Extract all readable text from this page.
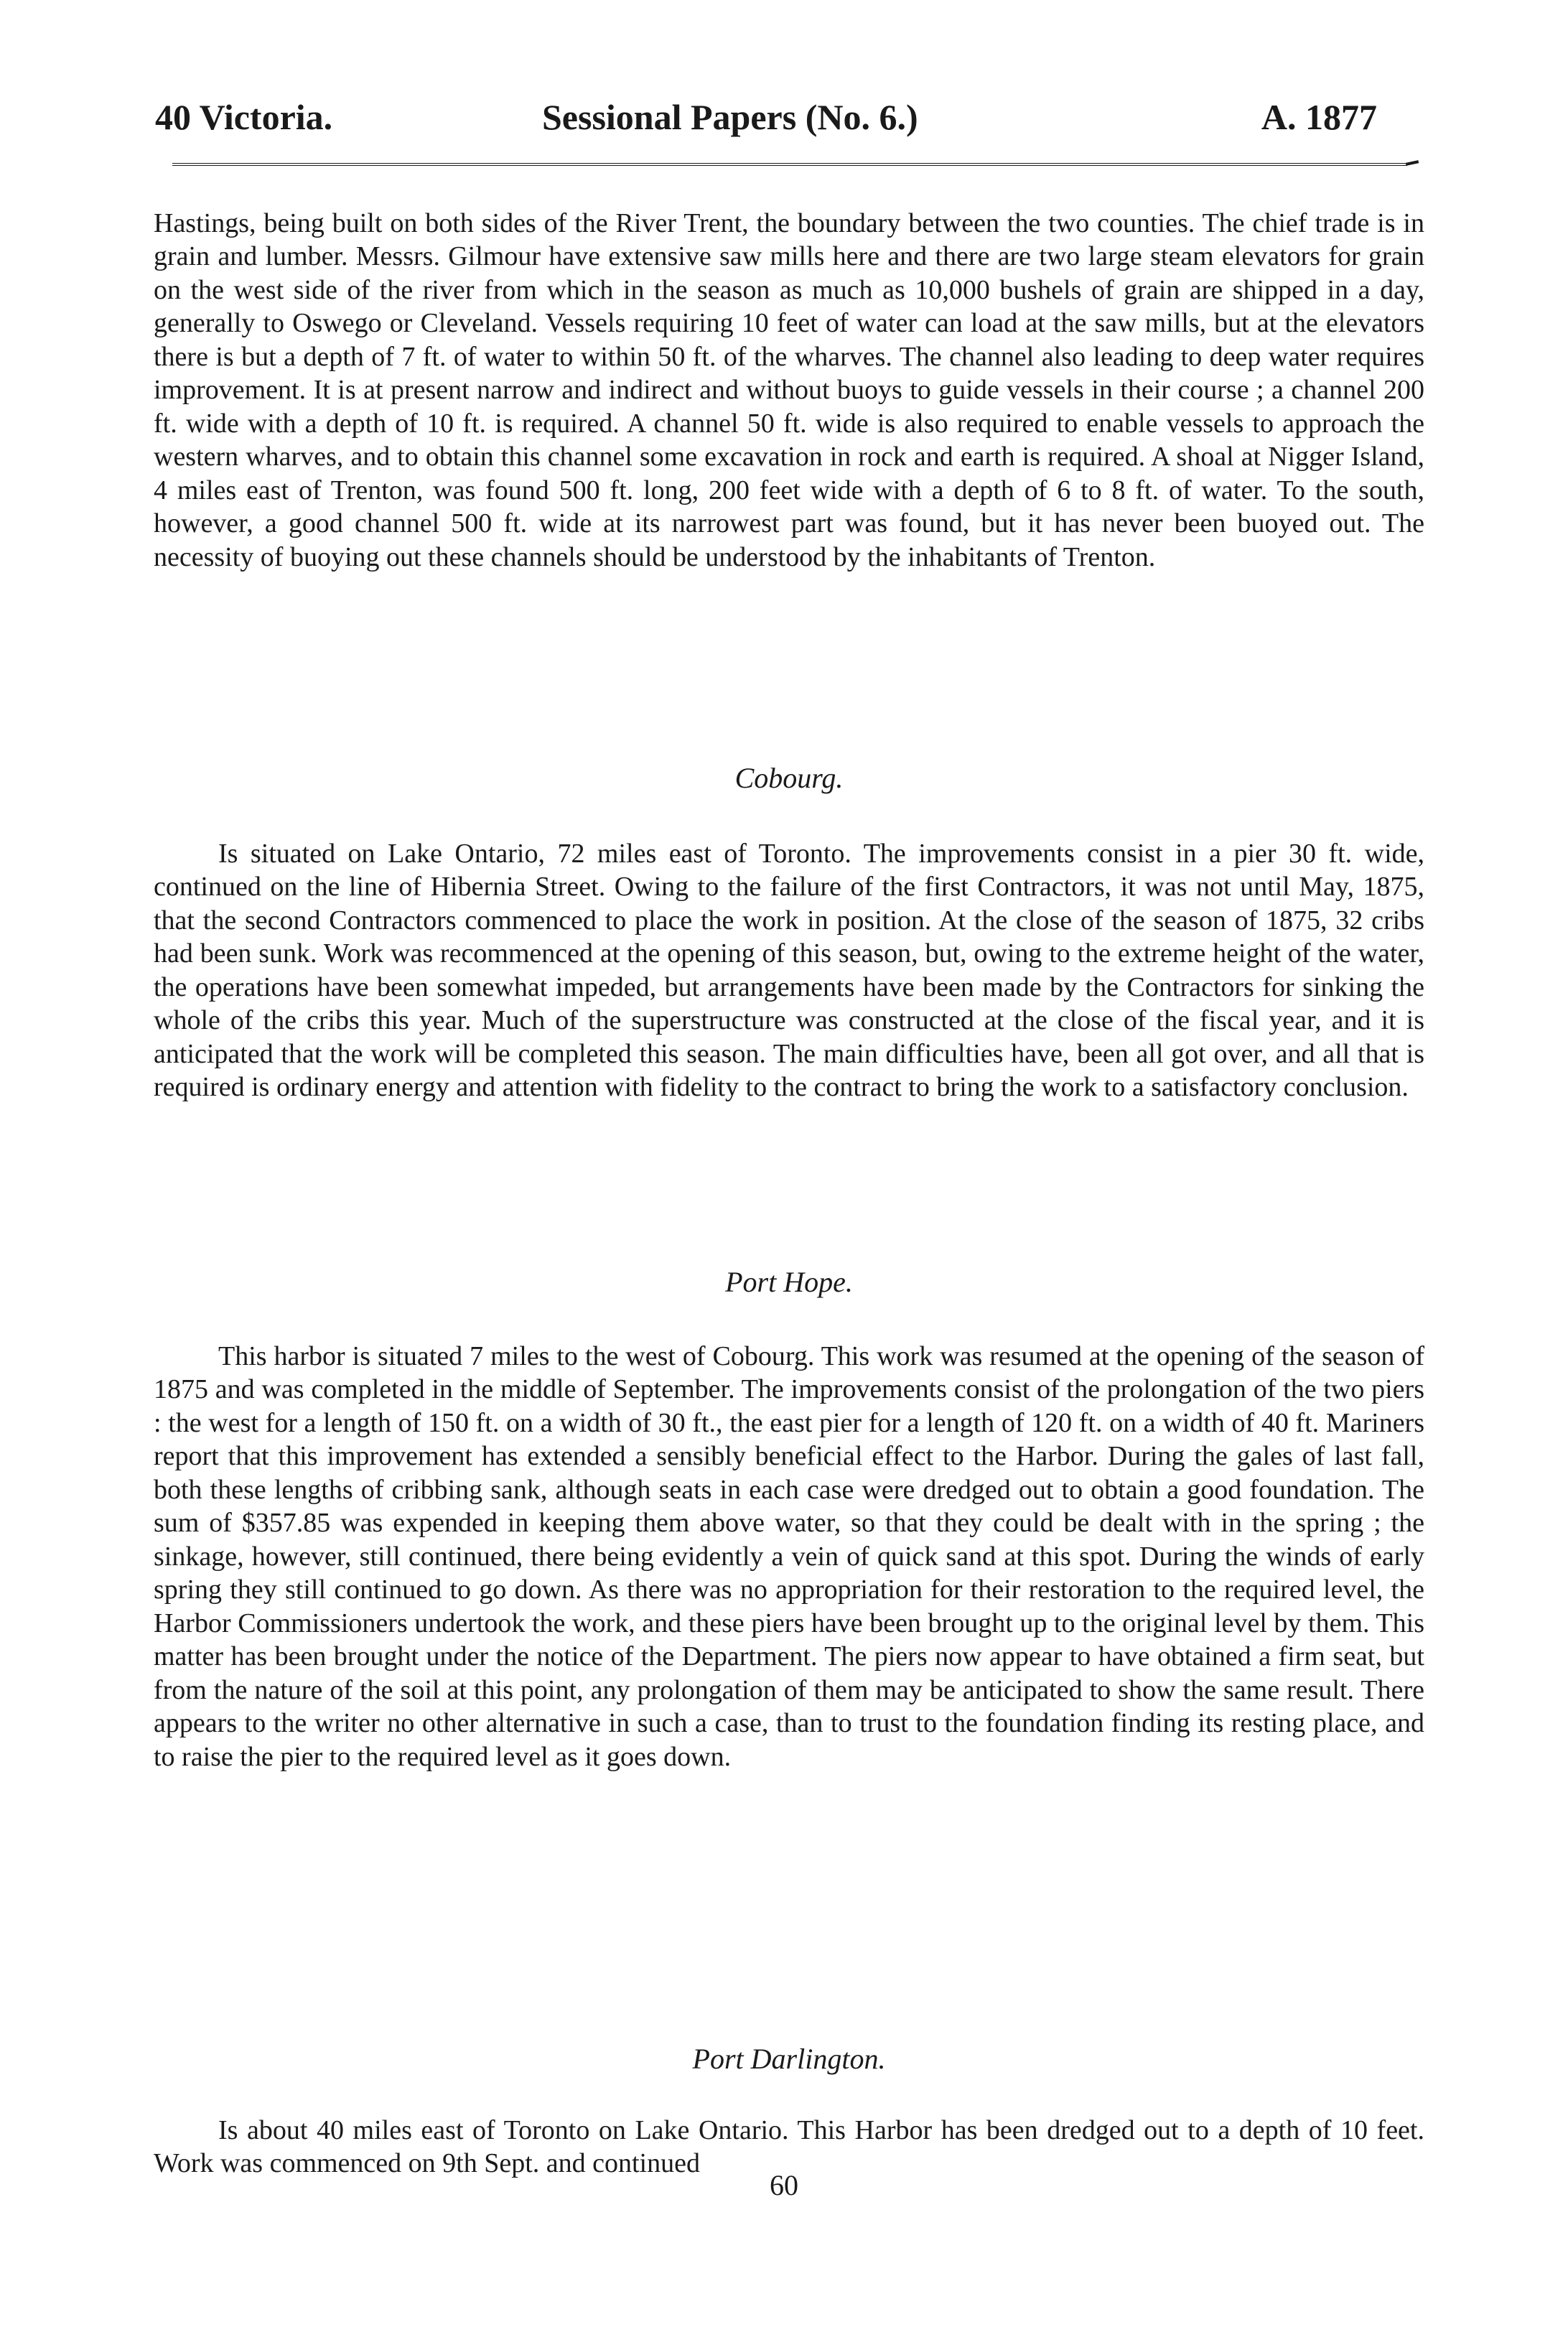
40 Victoria.	Sessional Papers (No. 6.)	A. 1877

Hastings, being built on both sides of the River Trent, the boundary between the two counties. The chief trade is in grain and lumber. Messrs. Gilmour have extensive saw mills here and there are two large steam elevators for grain on the west side of the river from which in the season as much as 10,000 bushels of grain are shipped in a day, generally to Oswego or Cleveland. Vessels requiring 10 feet of water can load at the saw mills, but at the elevators there is but a depth of 7 ft. of water to within 50 ft. of the wharves. The channel also leading to deep water requires improvement. It is at present narrow and indirect and without buoys to guide vessels in their course ; a channel 200 ft. wide with a depth of 10 ft. is required. A channel 50 ft. wide is also required to enable vessels to approach the western wharves, and to obtain this channel some excavation in rock and earth is required. A shoal at Nigger Island, 4 miles east of Trenton, was found 500 ft. long, 200 feet wide with a depth of 6 to 8 ft. of water. To the south, however, a good channel 500 ft. wide at its narrowest part was found, but it has never been buoyed out. The necessity of buoying out these channels should be understood by the inhabitants of Trenton.

Cobourg.

Is situated on Lake Ontario, 72 miles east of Toronto. The improvements consist in a pier 30 ft. wide, continued on the line of Hibernia Street. Owing to the failure of the first Contractors, it was not until May, 1875, that the second Contractors commenced to place the work in position. At the close of the season of 1875, 32 cribs had been sunk. Work was recommenced at the opening of this season, but, owing to the extreme height of the water, the operations have been somewhat impeded, but arrangements have been made by the Contractors for sinking the whole of the cribs this year. Much of the superstructure was constructed at the close of the fiscal year, and it is anticipated that the work will be completed this season. The main difficulties have, been all got over, and all that is required is ordinary energy and attention with fidelity to the contract to bring the work to a satisfactory conclusion.

Port Hope.

This harbor is situated 7 miles to the west of Cobourg. This work was resumed at the opening of the season of 1875 and was completed in the middle of September. The improvements consist of the prolongation of the two piers : the west for a length of 150 ft. on a width of 30 ft., the east pier for a length of 120 ft. on a width of 40 ft. Mariners report that this improvement has extended a sensibly beneficial effect to the Harbor. During the gales of last fall, both these lengths of cribbing sank, although seats in each case were dredged out to obtain a good foundation. The sum of $357.85 was expended in keeping them above water, so that they could be dealt with in the spring ; the sinkage, however, still continued, there being evidently a vein of quick sand at this spot. During the winds of early spring they still continued to go down. As there was no appropriation for their restoration to the required level, the Harbor Commissioners undertook the work, and these piers have been brought up to the original level by them. This matter has been brought under the notice of the Department. The piers now appear to have obtained a firm seat, but from the nature of the soil at this point, any prolongation of them may be anticipated to show the same result. There appears to the writer no other alternative in such a case, than to trust to the foundation finding its resting place, and to raise the pier to the required level as it goes down.

Port Darlington.

Is about 40 miles east of Toronto on Lake Ontario. This Harbor has been dredged out to a depth of 10 feet. Work was commenced on 9th Sept. and continued

60
